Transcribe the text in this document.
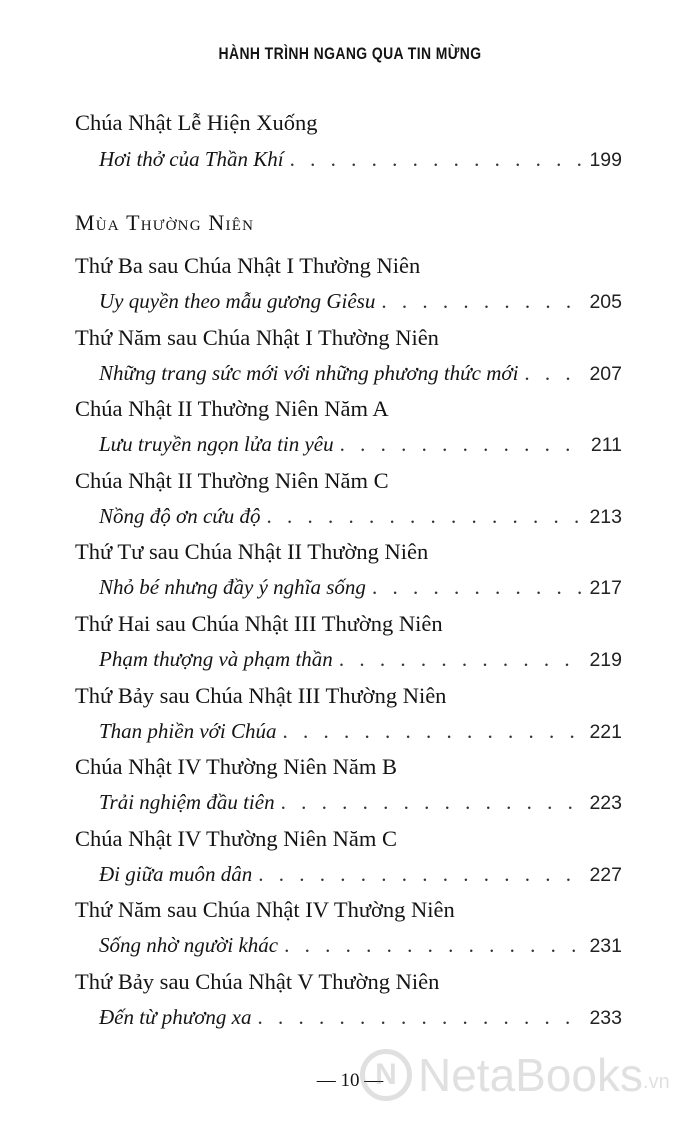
HÀNH TRÌNH NGANG QUA TIN MỪNG
Chúa Nhật Lễ Hiện Xuống
Hơi thở của Thần Khí . . .	199
Mùa Thường Niên
Thứ Ba sau Chúa Nhật I Thường Niên
Uy quyền theo mẫu gương Giêsu . . .	205
Thứ Năm sau Chúa Nhật I Thường Niên
Những trang sức mới với những phương thức mới . . .	207
Chúa Nhật II Thường Niên Năm A
Lưu truyền ngọn lửa tin yêu . . .	211
Chúa Nhật II Thường Niên Năm C
Nồng độ ơn cứu độ . . .	213
Thứ Tư sau Chúa Nhật II Thường Niên
Nhỏ bé nhưng đầy ý nghĩa sống . . .	217
Thứ Hai sau Chúa Nhật III Thường Niên
Phạm thượng và phạm thần . . .	219
Thứ Bảy sau Chúa Nhật III Thường Niên
Than phiền với Chúa . . .	221
Chúa Nhật IV Thường Niên Năm B
Trải nghiệm đầu tiên . . .	223
Chúa Nhật IV Thường Niên Năm C
Đi giữa muôn dân . . .	227
Thứ Năm sau Chúa Nhật IV Thường Niên
Sống nhờ người khác . . .	231
Thứ Bảy sau Chúa Nhật V Thường Niên
Đến từ phương xa . . .	233
— 10 —
N NetaBooks .vn
